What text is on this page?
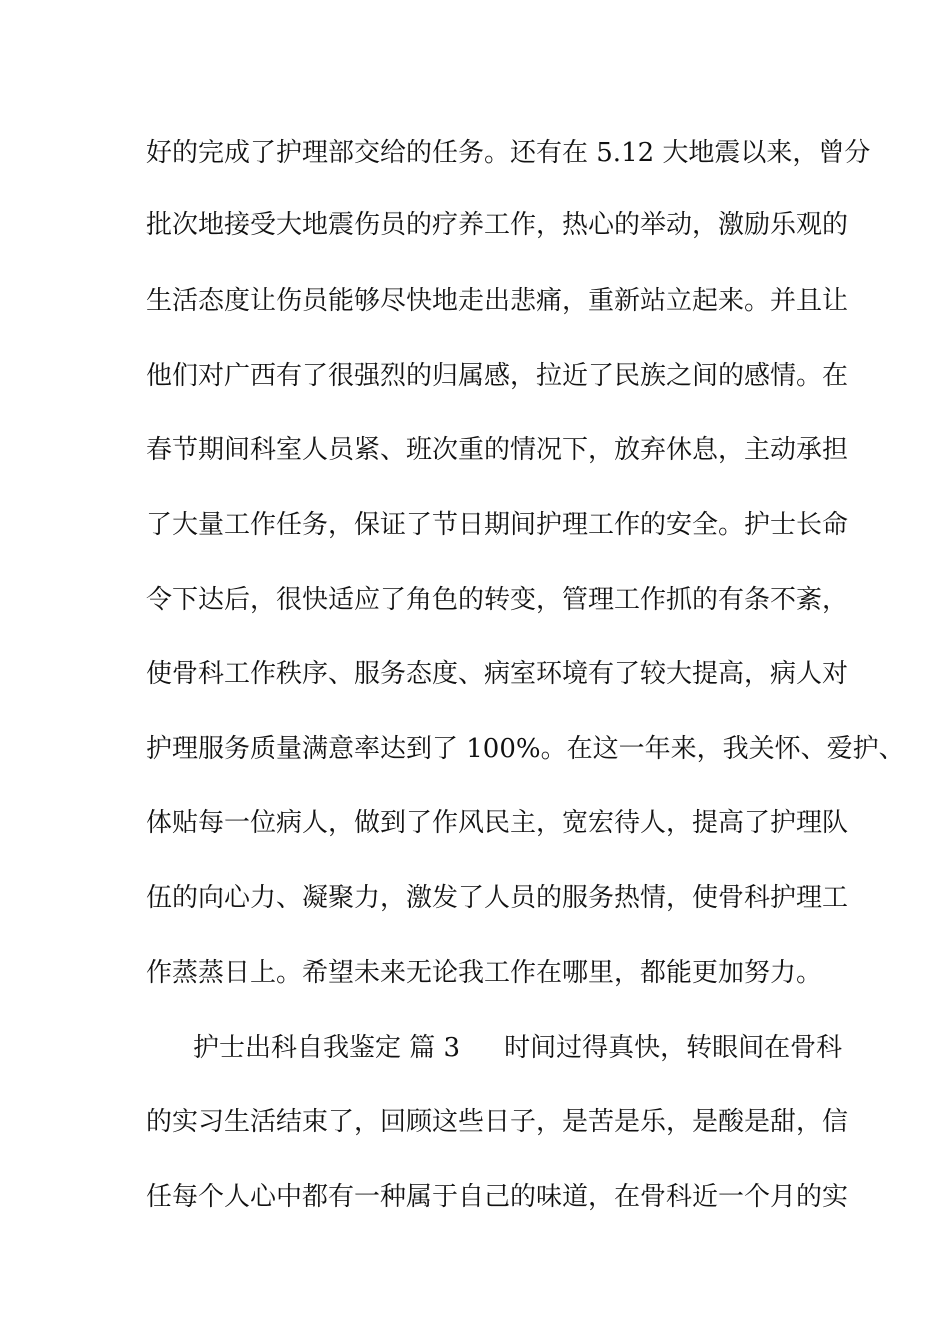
好的完成了护理部交给的任务。还有在 5.12 大地震以来，曾分
批次地接受大地震伤员的疗养工作，热心的举动，激励乐观的
生活态度让伤员能够尽快地走出悲痛，重新站立起来。并且让
他们对广西有了很强烈的归属感，拉近了民族之间的感情。在
春节期间科室人员紧、班次重的情况下，放弃休息，主动承担
了大量工作任务，保证了节日期间护理工作的安全。护士长命
令下达后，很快适应了角色的转变，管理工作抓的有条不紊，
使骨科工作秩序、服务态度、病室环境有了较大提高，病人对
护理服务质量满意率达到了 100%。在这一年来，我关怀、爱护、
体贴每一位病人，做到了作风民主，宽宏待人，提高了护理队
伍的向心力、凝聚力，激发了人员的服务热情，使骨科护理工
作蒸蒸日上。希望未来无论我工作在哪里，都能更加努力。
护士出科自我鉴定 篇 3 时间过得真快，转眼间在骨科
的实习生活结束了，回顾这些日子，是苦是乐，是酸是甜，信
任每个人心中都有一种属于自己的味道，在骨科近一个月的实
